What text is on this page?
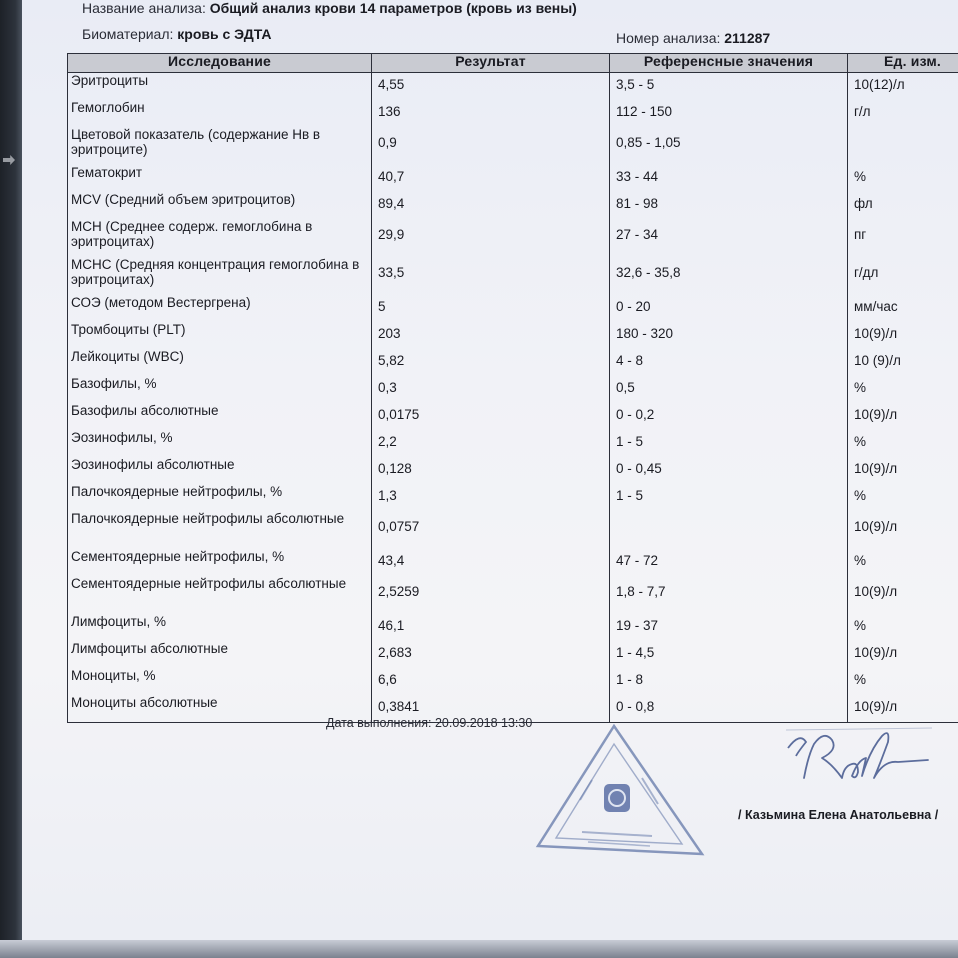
Название анализа: Общий анализ крови 14 параметров (кровь из вены)
Биоматериал: кровь с ЭДТА	Номер анализа: 211287
Исследование	Результат	Референсные значения	Ед. изм.
Эритроциты	4,55	3,5 - 5	10(12)/л
Гемоглобин	136	112 - 150	г/л
Цветовой показатель (содержание Нв в эритроците)	0,9	0,85 - 1,05	
Гематокрит	40,7	33 - 44	%
MCV (Средний объем эритроцитов)	89,4	81 - 98	фл
MCH (Среднее содерж. гемоглобина в эритроцитах)	29,9	27 - 34	пг
MCHC (Средняя концентрация гемоглобина в эритроцитах)	33,5	32,6 - 35,8	г/дл
СОЭ (методом Вестергрена)	5	0 - 20	мм/час
Тромбоциты (PLT)	203	180 - 320	10(9)/л
Лейкоциты (WBC)	5,82	4 - 8	10 (9)/л
Базофилы, %	0,3	0,5	%
Базофилы абсолютные	0,0175	0 - 0,2	10(9)/л
Эозинофилы, %	2,2	1 - 5	%
Эозинофилы абсолютные	0,128	0 - 0,45	10(9)/л
Палочкоядерные нейтрофилы, %	1,3	1 - 5	%
Палочкоядерные нейтрофилы абсолютные	0,0757		10(9)/л
Сементоядерные нейтрофилы, %	43,4	47 - 72	%
Сементоядерные нейтрофилы абсолютные	2,5259	1,8 - 7,7	10(9)/л
Лимфоциты, %	46,1	19 - 37	%
Лимфоциты абсолютные	2,683	1 - 4,5	10(9)/л
Моноциты, %	6,6	1 - 8	%
Моноциты абсолютные	0,3841	0 - 0,8	10(9)/л
Дата выполнения: 20.09.2018 13:30
/ Казьмина Елена Анатольевна /
